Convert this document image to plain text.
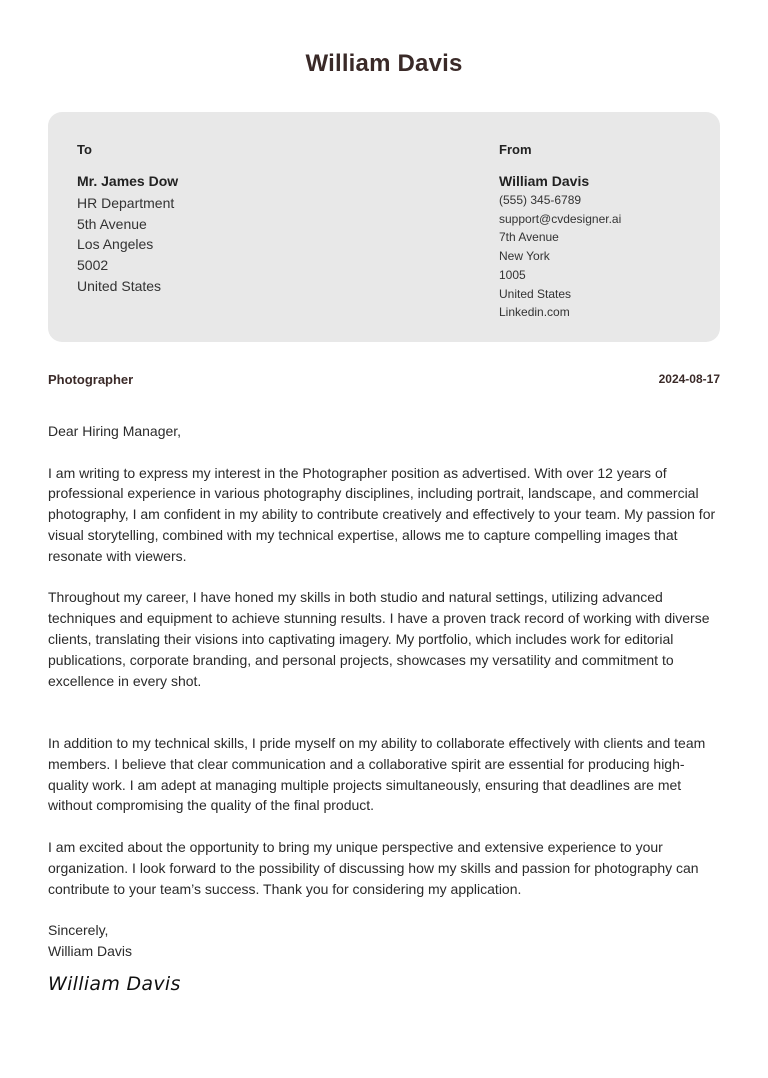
William Davis
To
Mr. James Dow
HR Department
5th Avenue
Los Angeles
5002
United States
From
William Davis
(555) 345-6789
support@cvdesigner.ai
7th Avenue
New York
1005
United States
Linkedin.com
Photographer	2024-08-17
Dear Hiring Manager,

I am writing to express my interest in the Photographer position as advertised. With over 12 years of professional experience in various photography disciplines, including portrait, landscape, and commercial photography, I am confident in my ability to contribute creatively and effectively to your team. My passion for visual storytelling, combined with my technical expertise, allows me to capture compelling images that resonate with viewers.

Throughout my career, I have honed my skills in both studio and natural settings, utilizing advanced techniques and equipment to achieve stunning results. I have a proven track record of working with diverse clients, translating their visions into captivating imagery. My portfolio, which includes work for editorial publications, corporate branding, and personal projects, showcases my versatility and commitment to excellence in every shot.

In addition to my technical skills, I pride myself on my ability to collaborate effectively with clients and team members. I believe that clear communication and a collaborative spirit are essential for producing high-quality work. I am adept at managing multiple projects simultaneously, ensuring that deadlines are met without compromising the quality of the final product.

I am excited about the opportunity to bring my unique perspective and extensive experience to your organization. I look forward to the possibility of discussing how my skills and passion for photography can contribute to your team’s success. Thank you for considering my application.

Sincerely,
William Davis
William Davis
